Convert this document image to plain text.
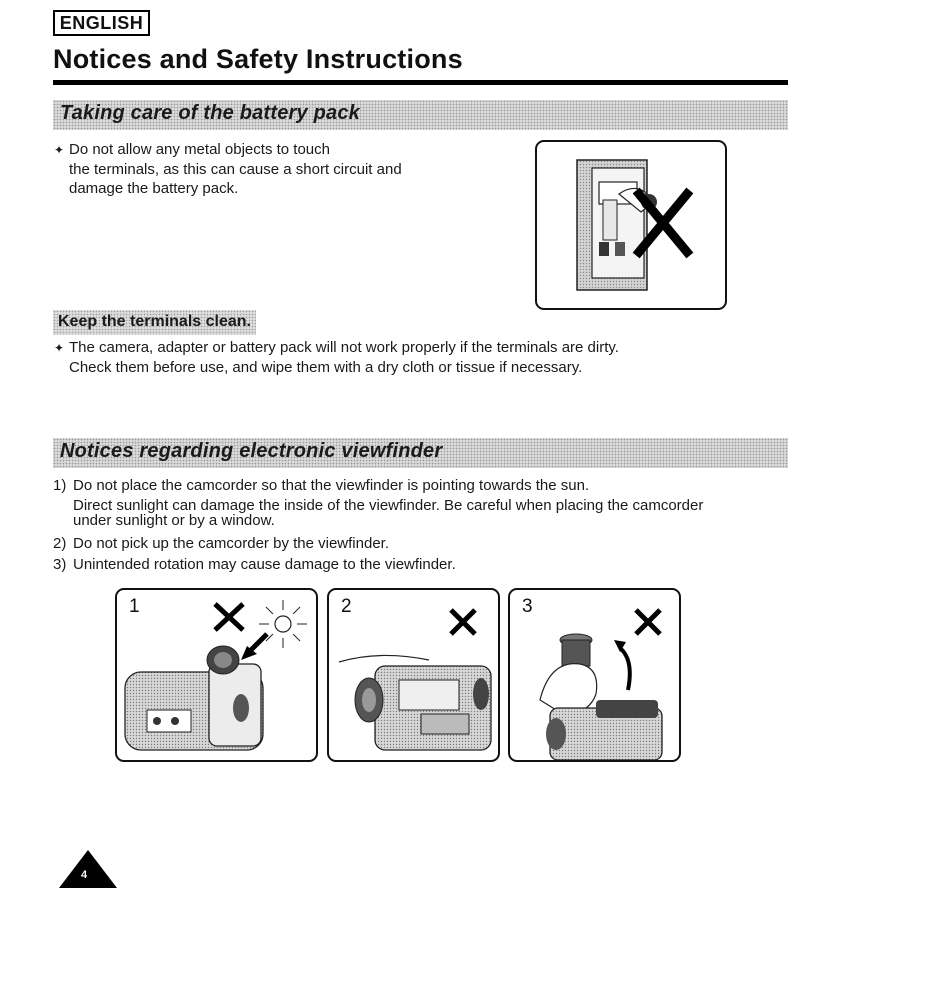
ENGLISH
Notices and Safety Instructions
Taking care of the battery pack
✦ Do not allow any metal objects to touch
the terminals, as this can cause a short circuit and
damage the battery pack.
Keep the terminals clean.
✦ The camera, adapter or battery pack will not work properly if the terminals are dirty.
Check them before use, and wipe them with a dry cloth or tissue if necessary.
Notices regarding electronic viewfinder
1) Do not place the camcorder so that the viewfinder is pointing towards the sun.
Direct sunlight can damage the inside of the viewfinder. Be careful when placing the camcorder
under sunlight or by a window.
2) Do not pick up the camcorder by the viewfinder.
3) Unintended rotation may cause damage to the viewfinder.
1	2	3
4
